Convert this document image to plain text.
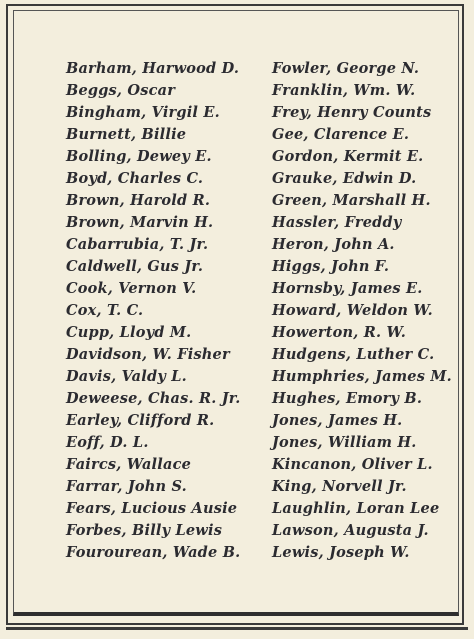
Barham, Harwood D.
Beggs, Oscar
Bingham, Virgil E.
Burnett, Billie
Bolling, Dewey E.
Boyd, Charles C.
Brown, Harold R.
Brown, Marvin H.
Cabarrubia, T. Jr.
Caldwell, Gus Jr.
Cook, Vernon V.
Cox, T. C.
Cupp, Lloyd M.
Davidson, W. Fisher
Davis, Valdy L.
Deweese, Chas. R. Jr.
Earley, Clifford R.
Eoff, D. L.
Faircs, Wallace
Farrar, John S.
Fears, Lucious Ausie
Forbes, Billy Lewis
Fourourean, Wade B.
Fowler, George N.
Franklin, Wm. W.
Frey, Henry Counts
Gee, Clarence E.
Gordon, Kermit E.
Grauke, Edwin D.
Green, Marshall H.
Hassler, Freddy
Heron, John A.
Higgs, John F.
Hornsby, James E.
Howard, Weldon W.
Howerton, R. W.
Hudgens, Luther C.
Humphries, James M.
Hughes, Emory B.
Jones, James H.
Jones, William H.
Kincanon, Oliver L.
King, Norvell Jr.
Laughlin, Loran Lee
Lawson, Augusta J.
Lewis, Joseph W.
